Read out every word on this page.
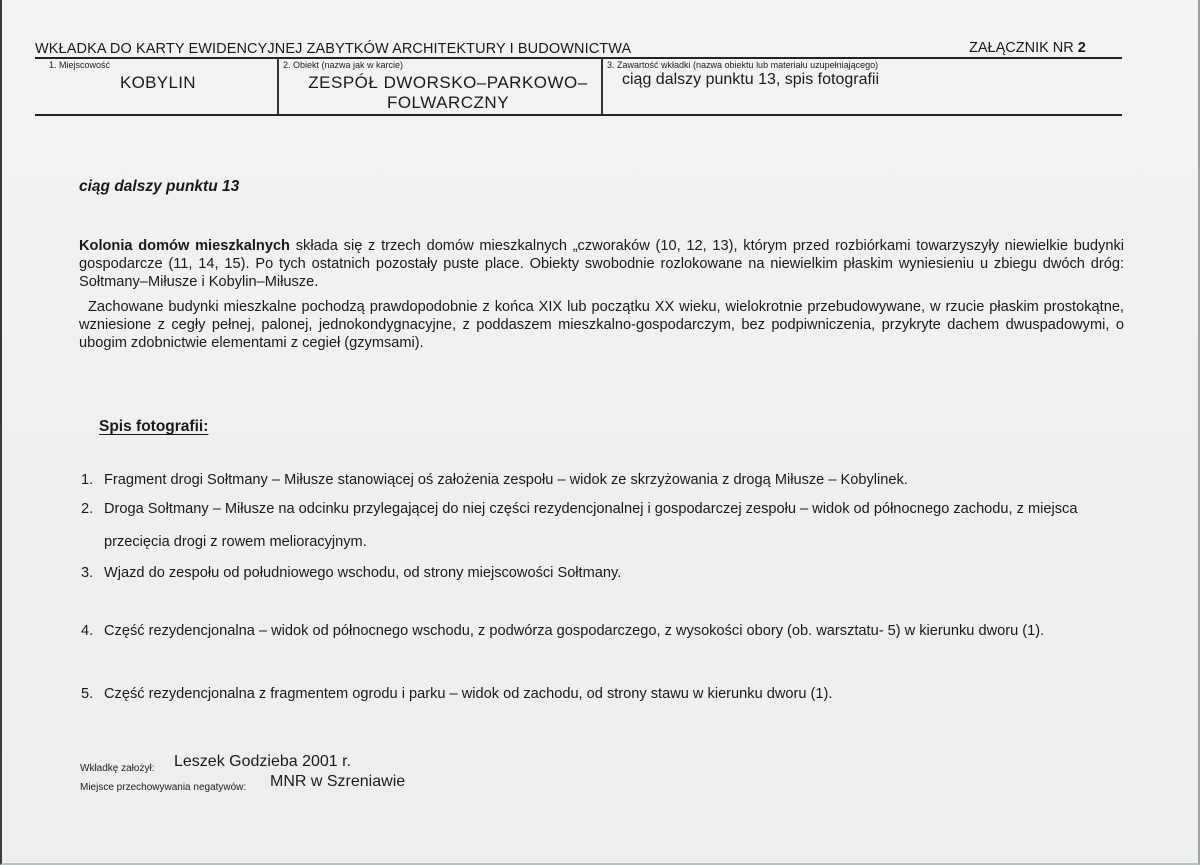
WKŁADKA DO KARTY EWIDENCYJNEJ ZABYTKÓW ARCHITEKTURY I BUDOWNICTWA	ZAŁĄCZNIK NR 2
1. Miejscowość
KOBYLIN
2. Obiekt (nazwa jak w karcie)
ZESPÓŁ DWORSKO–PARKOWO–FOLWARCZNY
3. Zawartość wkładki (nazwa obiektu lub materiału uzupełniającego)
ciąg dalszy punktu 13, spis fotografii
ciąg dalszy punktu 13
Kolonia domów mieszkalnych składa się z trzech domów mieszkalnych „czworaków (10, 12, 13), którym przed rozbiórkami towarzyszyły niewielkie budynki gospodarcze (11, 14, 15). Po tych ostatnich pozostały puste place. Obiekty swobodnie rozlokowane na niewielkim płaskim wyniesieniu u zbiegu dwóch dróg: Sołtmany–Miłusze i Kobylin–Miłusze.
Zachowane budynki mieszkalne pochodzą prawdopodobnie z końca XIX lub początku XX wieku, wielokrotnie przebudowywane, w rzucie płaskim prostokątne, wzniesione z cegły pełnej, palonej, jednokondygnacyjne, z poddaszem mieszkalno-gospodarczym, bez podpiwniczenia, przykryte dachem dwuspadowymi, o ubogim zdobnictwie elementami z cegieł (gzymsami).
Spis fotografii:
1. Fragment drogi Sołtmany – Miłusze stanowiącej oś założenia zespołu – widok ze skrzyżowania z drogą Miłusze – Kobylinek.
2. Droga Sołtmany – Miłusze na odcinku przylegającej do niej części rezydencjonalnej i gospodarczej zespołu – widok od północnego zachodu, z miejsca przecięcia drogi z rowem melioracyjnym.
3. Wjazd do zespołu od południowego wschodu, od strony miejscowości Sołtmany.
4. Część rezydencjonalna – widok od północnego wschodu, z podwórza gospodarczego, z wysokości obory (ob. warsztatu- 5) w kierunku dworu (1).
5. Część rezydencjonalna z fragmentem ogrodu i parku – widok od zachodu, od strony stawu w kierunku dworu (1).
Wkładkę założył: Leszek Godzieba 2001 r.
Miejsce przechowywania negatywów: MNR w Szreniawie
